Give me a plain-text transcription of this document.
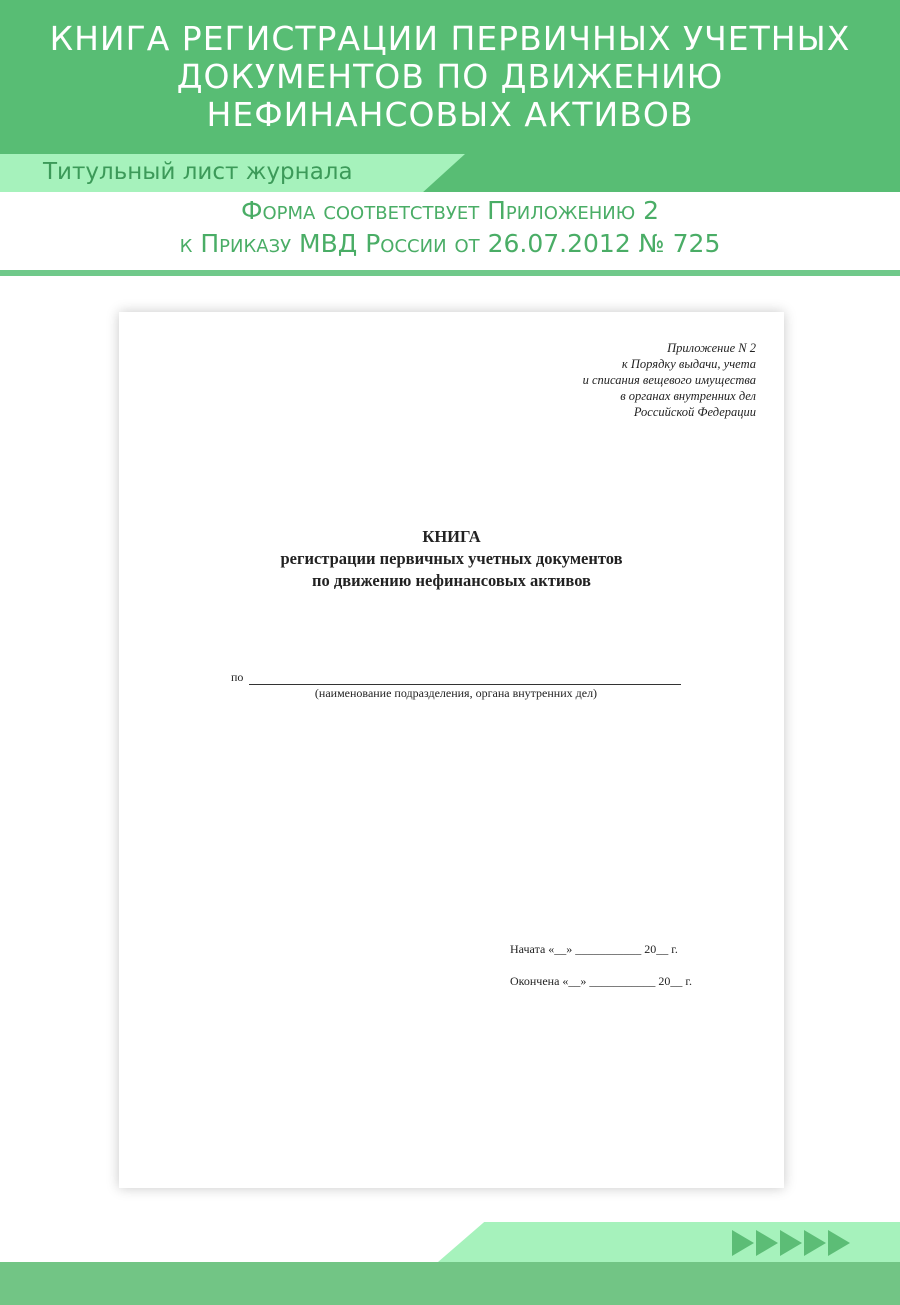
КНИГА РЕГИСТРАЦИИ ПЕРВИЧНЫХ УЧЕТНЫХ
ДОКУМЕНТОВ ПО ДВИЖЕНИЮ
НЕФИНАНСОВЫХ АКТИВОВ
Титульный лист журнала
Форма соответствует Приложению 2
к Приказу МВД России от 26.07.2012 № 725
Приложение N 2
к Порядку выдачи, учета
и списания вещевого имущества
в органах внутренних дел
Российской Федерации
КНИГА
регистрации первичных учетных документов
по движению нефинансовых активов
по
(наименование подразделения, органа внутренних дел)
Начата «__» ___________ 20__ г.
Окончена «__» ___________ 20__ г.
